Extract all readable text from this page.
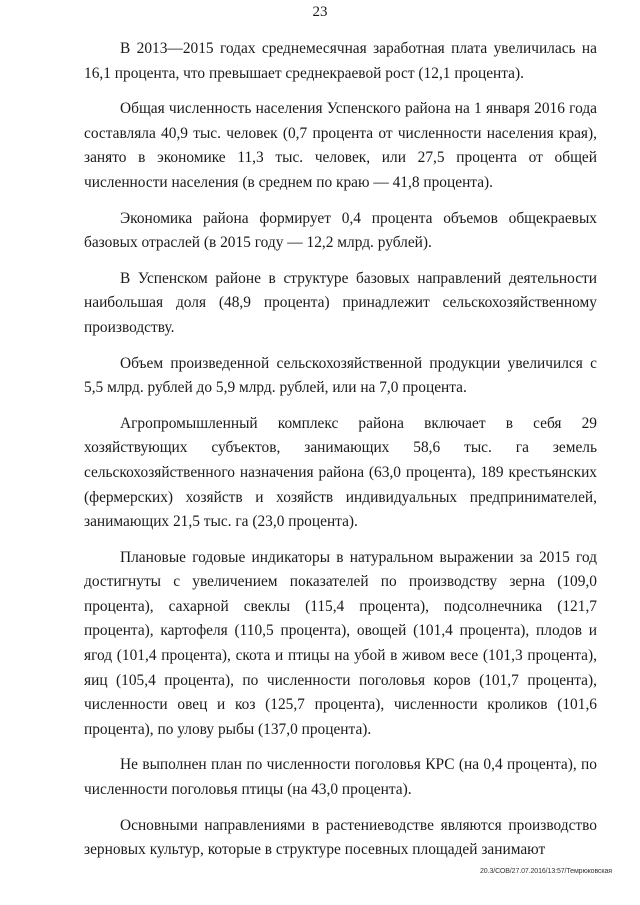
23

В 2013—2015 годах среднемесячная заработная плата увеличилась на 16,1 процента, что превышает среднекраевой рост (12,1 процента).

Общая численность населения Успенского района на 1 января 2016 года составляла 40,9 тыс. человек (0,7 процента от численности населения края), занято в экономике 11,3 тыс. человек, или 27,5 процента от общей численности населения (в среднем по краю — 41,8 процента).

Экономика района формирует 0,4 процента объемов общекраевых базовых отраслей (в 2015 году — 12,2 млрд. рублей).

В Успенском районе в структуре базовых направлений деятельности наибольшая доля (48,9 процента) принадлежит сельскохозяйственному производству.

Объем произведенной сельскохозяйственной продукции увеличился с 5,5 млрд. рублей до 5,9 млрд. рублей, или на 7,0 процента.

Агропромышленный комплекс района включает в себя 29 хозяйствующих субъектов, занимающих 58,6 тыс. га земель сельскохозяйственного назначения района (63,0 процента), 189 крестьянских (фермерских) хозяйств и хозяйств индивидуальных предпринимателей, занимающих 21,5 тыс. га (23,0 процента).

Плановые годовые индикаторы в натуральном выражении за 2015 год достигнуты с увеличением показателей по производству зерна (109,0 процента), сахарной свеклы (115,4 процента), подсолнечника (121,7 процента), картофеля (110,5 процента), овощей (101,4 процента), плодов и ягод (101,4 процента), скота и птицы на убой в живом весе (101,3 процента), яиц (105,4 процента), по численности поголовья коров (101,7 процента), численности овец и коз (125,7 процента), численности кроликов (101,6 процента), по улову рыбы (137,0 процента).

Не выполнен план по численности поголовья КРС (на 0,4 процента), по численности поголовья птицы (на 43,0 процента).

Основными направлениями в растениеводстве являются производство зерновых культур, которые в структуре посевных площадей занимают

20.3/СОВ/27.07.2016/13:57/Темрюковская
